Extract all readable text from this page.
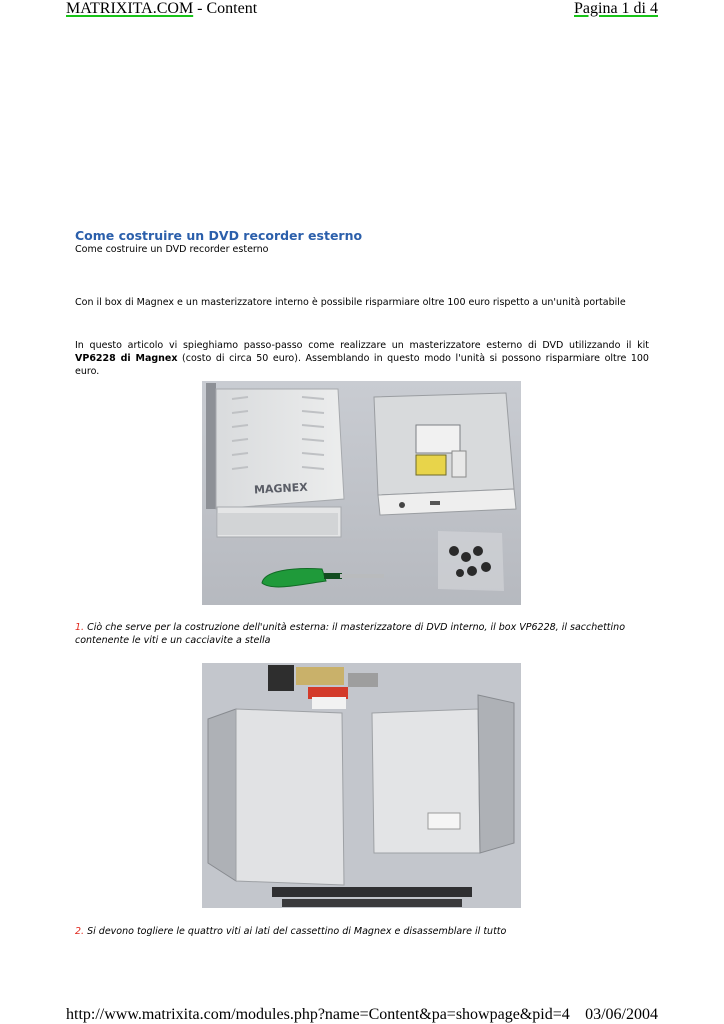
MATRIXITA.COM - Content	Pagina 1 di 4
Come costruire un DVD recorder esterno

Come costruire un DVD recorder esterno

Con il box di Magnex e un masterizzatore interno è possibile risparmiare oltre 100 euro rispetto a un'unità portabile

In questo articolo vi spieghiamo passo-passo come realizzare un masterizzatore esterno di DVD utilizzando il kit VP6228 di Magnex (costo di circa 50 euro). Assemblando in questo modo l'unità si possono risparmiare oltre 100 euro.

MAGNEX

1. Ciò che serve per la costruzione dell'unità esterna: il masterizzatore di DVD interno, il box VP6228, il sacchettino contenente le viti e un cacciavite a stella

2. Si devono togliere le quattro viti ai lati del cassettino di Magnex e disassemblare il tutto

http://www.matrixita.com/modules.php?name=Content&pa=showpage&pid=4 03/06/2004
